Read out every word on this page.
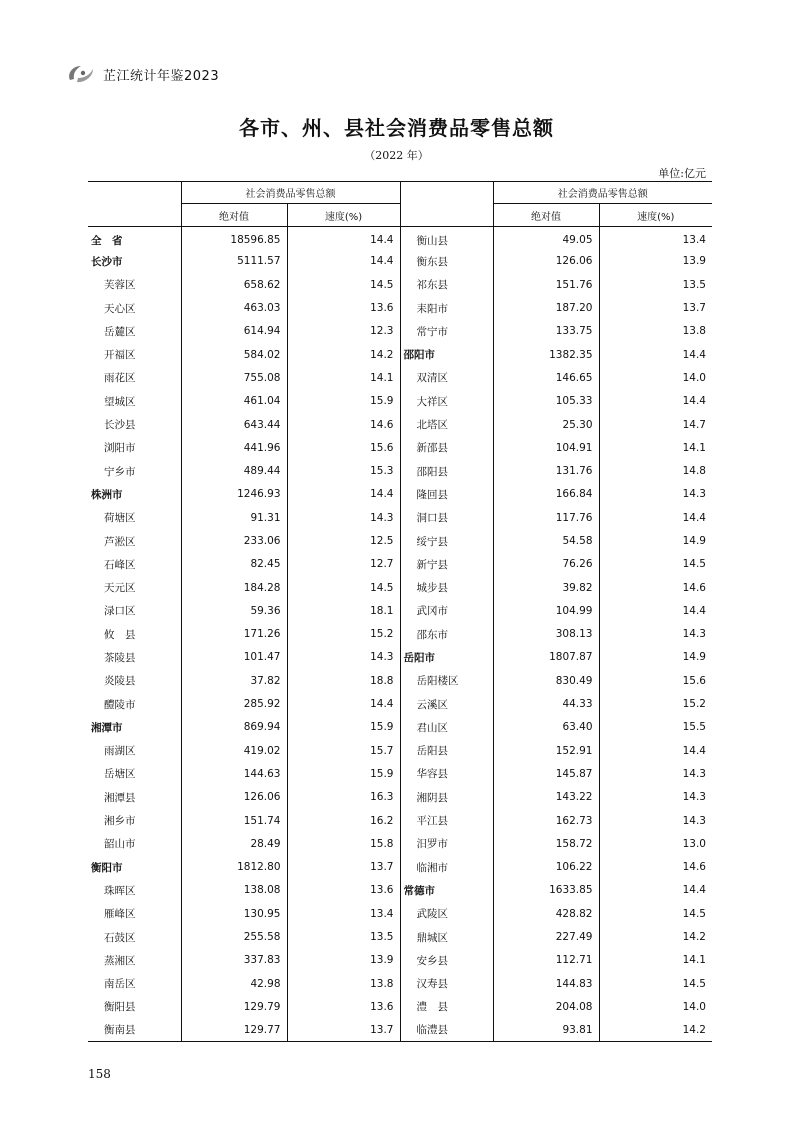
芷江统计年鉴2023
各市、州、县社会消费品零售总额
（2022 年）
单位:亿元
	社会消费品零售总额			社会消费品零售总额	
	绝对值	速度(%)		绝对值	速度(%)
全　省	18596.85	14.4	衡山县	49.05	13.4
长沙市	5111.57	14.4	衡东县	126.06	13.9
芙蓉区	658.62	14.5	祁东县	151.76	13.5
天心区	463.03	13.6	耒阳市	187.20	13.7
岳麓区	614.94	12.3	常宁市	133.75	13.8
开福区	584.02	14.2	邵阳市	1382.35	14.4
雨花区	755.08	14.1	双清区	146.65	14.0
望城区	461.04	15.9	大祥区	105.33	14.4
长沙县	643.44	14.6	北塔区	25.30	14.7
浏阳市	441.96	15.6	新邵县	104.91	14.1
宁乡市	489.44	15.3	邵阳县	131.76	14.8
株洲市	1246.93	14.4	隆回县	166.84	14.3
荷塘区	91.31	14.3	洞口县	117.76	14.4
芦淞区	233.06	12.5	绥宁县	54.58	14.9
石峰区	82.45	12.7	新宁县	76.26	14.5
天元区	184.28	14.5	城步县	39.82	14.6
渌口区	59.36	18.1	武冈市	104.99	14.4
攸　县	171.26	15.2	邵东市	308.13	14.3
茶陵县	101.47	14.3	岳阳市	1807.87	14.9
炎陵县	37.82	18.8	岳阳楼区	830.49	15.6
醴陵市	285.92	14.4	云溪区	44.33	15.2
湘潭市	869.94	15.9	君山区	63.40	15.5
雨湖区	419.02	15.7	岳阳县	152.91	14.4
岳塘区	144.63	15.9	华容县	145.87	14.3
湘潭县	126.06	16.3	湘阴县	143.22	14.3
湘乡市	151.74	16.2	平江县	162.73	14.3
韶山市	28.49	15.8	汨罗市	158.72	13.0
衡阳市	1812.80	13.7	临湘市	106.22	14.6
珠晖区	138.08	13.6	常德市	1633.85	14.4
雁峰区	130.95	13.4	武陵区	428.82	14.5
石鼓区	255.58	13.5	鼎城区	227.49	14.2
蒸湘区	337.83	13.9	安乡县	112.71	14.1
南岳区	42.98	13.8	汉寿县	144.83	14.5
衡阳县	129.79	13.6	澧　县	204.08	14.0
衡南县	129.77	13.7	临澧县	93.81	14.2
158
